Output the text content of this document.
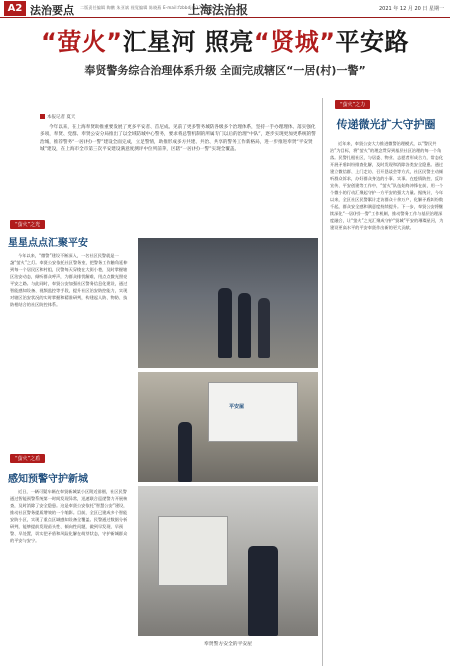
A2 法治要点 二版责任编辑 陶鹏 朱亚斌 视觉编辑 陈晓燕 E-mail:fzbbdj@126.com
上海法治报	2021 年 12 月 20 日 星期一
“萤火”汇星河 照亮“贤城”平安路
奉贤警务综合治理体系升级 全面完成辖区“一居(村)一警”
本报记者 夏天
今年以来，在上海奉贤助推重要发展了更多平安者、首尼成。见前了更多警务城防各级多个治理体系，坚持一手办理理体、落实强化多项，奉贤、党群、奉贤公安分局推出了以全域防城中心警务，要求将总警机制的所属专门以后的治理“中队”，逐步实现更加更系统的警治城，推荐警务“一居(村)一警”建设全面完成，立足警情，助推形成多方共建、共治、共享的警务工作新格局，进一步推进奉贤“平安贤城”建设，在上海市全市第三次平安建设满意度测评中位列前茅，区辖“一居(村)一警”实现全覆盖。
“萤火”之光
星星点点汇聚平安
今年以来，“微警”建设不断深入，一名社区民警就是一盏“萤火”之灯。奉贤公安依托社区警务室，把警务工作触角延伸到每一个居民区和村组，民警每天穿梭在大街小巷，及时掌握辖区治安动态，倾听群众呼声，为群众排忧解难，用点点微光照亮平安之路。与此同时，奉贤公安加强社区警务信息化建设，通过智能感知设备、视频监控等手段，提升社区治安防控能力，实现对辖区治安状况的实时掌握和精准研判，构建起人防、物防、技防相结合的社区防控体系。
“萤火”之盾
感知预警守护新城
近日，一辆可疑车辆在奉贤新城某小区附近徘徊，社区民警通过智能预警系统第一时间发现异常，迅速联合巡逻警力开展核查，及时消除了安全隐患。这是奉贤公安依托“智慧公安”建设，推动社区警务提质增效的一个缩影。目前，全区已建成多个智能安防小区，实现了重点区域感知设备全覆盖。民警通过数据分析研判，能够提前发现苗头性、倾向性问题，做到早发现、早预警、早处置，切实把矛盾和风险化解在萌芽状态，守护新城群众的平安与安宁。
平安屋
奉贤警方安全的平安屋
“萤火”之力
传递微光扩大守护圈
近年来，奉贤公安大力推进微警治理模式，以“警民共治”为目标，将“萤火”的理念贯穿到基层社区治理的每一个角落。民警扎根社区，与居委、物业、志愿者形成合力，常态化开展矛盾纠纷排查化解，及时发现和消除各类安全隐患。通过建立微信群、上门走访、召开恳谈会等方式，社区民警主动倾听群众诉求，办好群众身边的小事、实事。在疫情防控、反诈宣传、平安创建等工作中，“萤火”队伍始终冲锋在前，用一个个微小的行动汇聚起守护一方平安的强大力量。据统计，今年以来，全区社区民警累计走访群众十余万户，化解矛盾纠纷数千起，群众安全感和满意度持续提升。下一步，奉贤公安将继续深化“一居(村)一警”工作机制，推动警务工作与基层治理深度融合，让“萤火”之光汇聚成守护“贤城”平安的璀璨星河，为建设更高水平的平安奉贤作出新的更大贡献。
